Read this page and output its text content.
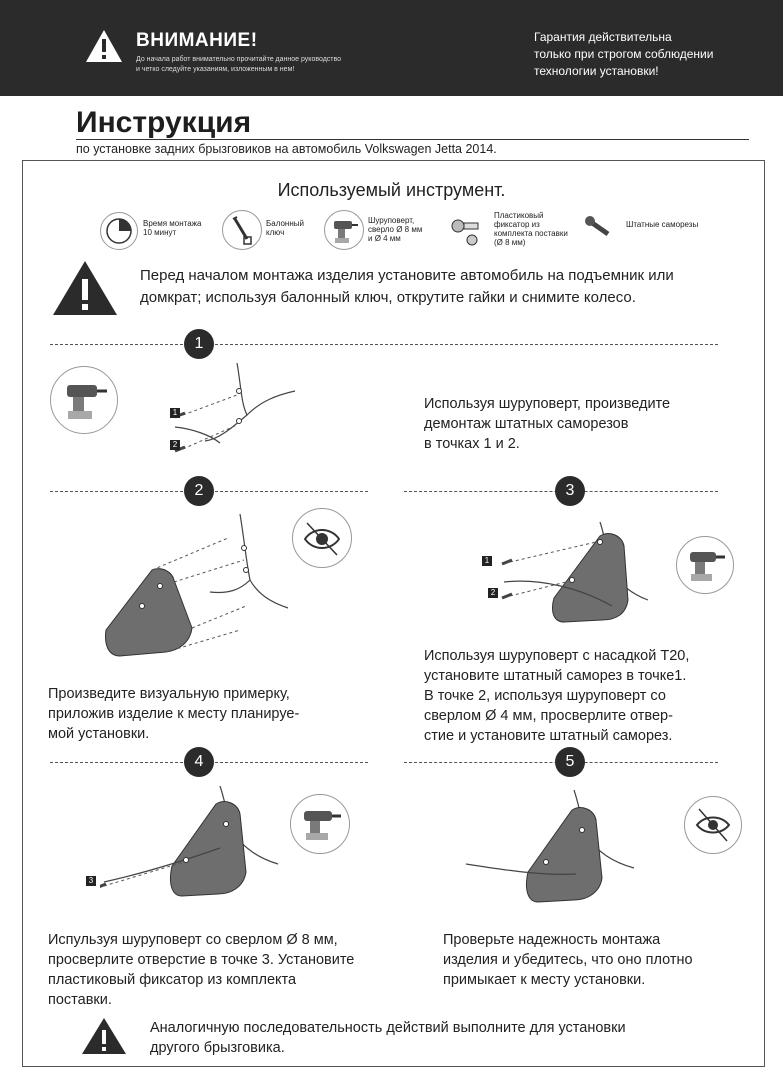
ВНИМАНИЕ!
До начала работ внимательно прочитайте данное руководство
и четко следуйте указаниям, изложенным в нем!
Гарантия действительна
только при строгом соблюдении
технологии установки!
Инструкция
по установке задних брызговиков на автомобиль Volkswagen Jetta 2014.
Используемый инструмент.
Время монтажа
10 минут
Балонный
ключ
Шуруповерт,
сверло Ø 8 мм
и Ø 4 мм
Пластиковый
фиксатор из
комплекта поставки
(Ø 8 мм)
Штатные саморезы
Перед началом монтажа изделия установите автомобиль на подъемник или
домкрат; используя балонный ключ, открутите гайки и снимите колесо.
1
1
2
Используя шуруповерт, произведите
демонтаж штатных саморезов
в точках 1 и 2.
2	3
1
2
Используя шуруповерт с насадкой Т20,
установите штатный саморез в точке1.
В точке 2, используя шуруповерт со
сверлом Ø 4 мм, просверлите отвер-
стие и установите штатный саморез.
Произведите визуальную примерку,
приложив изделие к месту планируе-
мой установки.
4	5
3
Испульзуя шуруповерт со сверлом Ø 8 мм,
просверлите отверстие в точке 3. Установите
пластиковый фиксатор из комплекта
поставки.
Проверьте надежность монтажа
изделия и убедитесь, что оно плотно
примыкает к месту установки.
Аналогичную последовательность действий выполните для установки
другого брызговика.
